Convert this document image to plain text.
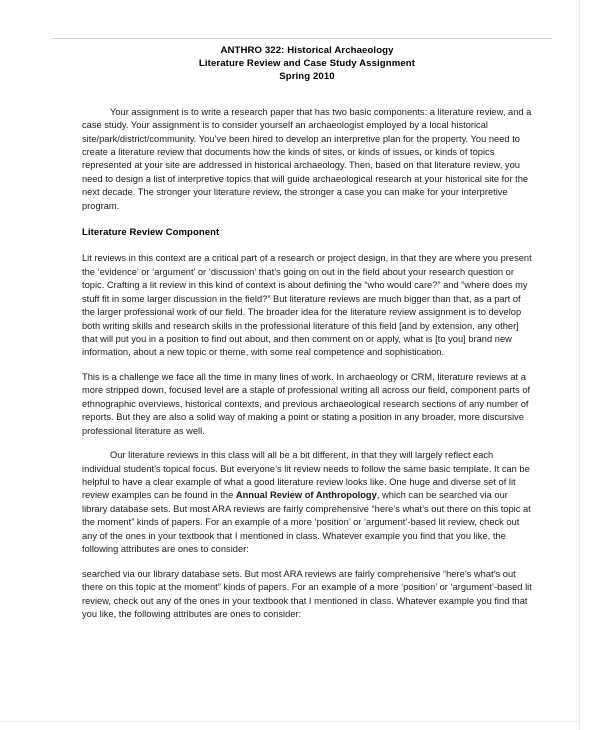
ANTHRO 322: Historical Archaeology
Literature Review and Case Study Assignment
Spring 2010

Your assignment is to write a research paper that has two basic components: a literature review, and a case study. Your assignment is to consider yourself an archaeologist employed by a local historical site/park/district/community. You’ve been hired to develop an interpretive plan for the property. You need to create a literature review that documents how the kinds of sites, or kinds of issues, or kinds of topics represented at your site are addressed in historical archaeology. Then, based on that literature review, you need to design a list of interpretive topics that will guide archaeological research at your historical site for the next decade. The stronger your literature review, the stronger a case you can make for your interpretive program.

Literature Review Component

Lit reviews in this context are a critical part of a research or project design, in that they are where you present the ‘evidence’ or ‘argument’ or ‘discussion’ that’s going on out in the field about your research question or topic. Crafting a lit review in this kind of context is about defining the “who would care?” and “where does my stuff fit in some larger discussion in the field?” But literature reviews are much bigger than that, as a part of the larger professional work of our field. The broader idea for the literature review assignment is to develop both writing skills and research skills in the professional literature of this field [and by extension, any other] that will put you in a position to find out about, and then comment on or apply, what is [to you] brand new information, about a new topic or theme, with some real competence and sophistication.

This is a challenge we face all the time in many lines of work. In archaeology or CRM, literature reviews at a more stripped down, focused level are a staple of professional writing all across our field, component parts of ethnographic overviews, historical contexts, and previous archaeological research sections of any number of reports. But they are also a solid way of making a point or stating a position in any broader, more discursive professional literature as well.

Our literature reviews in this class will all be a bit different, in that they will largely reflect each individual student’s topical focus. But everyone’s lit review needs to follow the same basic template. It can be helpful to have a clear example of what a good literature review looks like. One huge and diverse set of lit review examples can be found in the Annual Review of Anthropology, which can be searched via our library database sets. But most ARA reviews are fairly comprehensive “here’s what’s out there on this topic at the moment” kinds of papers. For an example of a more ‘position’ or ‘argument’-based lit review, check out any of the ones in your textbook that I mentioned in class. Whatever example you find that you like, the following attributes are ones to consider:

searched via our library database sets. But most ARA reviews are fairly comprehensive “here’s what’s out there on this topic at the moment” kinds of papers. For an example of a more ‘position’ or ‘argument’-based lit review, check out any of the ones in your textbook that I mentioned in class. Whatever example you find that you like, the following attributes are ones to consider:
